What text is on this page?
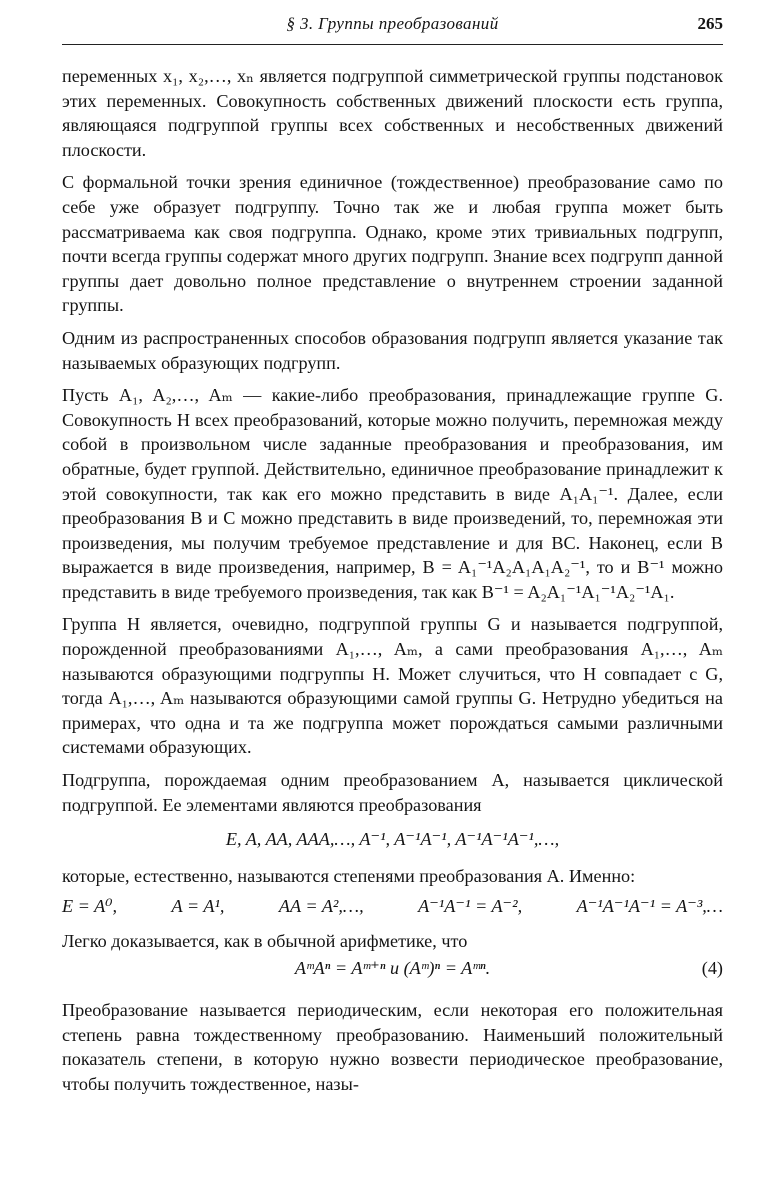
§ 3. Группы преобразований	265

переменных x₁, x₂,…, xₙ является подгруппой симметрической группы подстановок этих переменных. Совокупность собственных движений плоскости есть группа, являющаяся подгруппой группы всех собственных и несобственных движений плоскости.

С формальной точки зрения единичное (тождественное) преобразование само по себе уже образует подгруппу. Точно так же и любая группа может быть рассматриваема как своя подгруппа. Однако, кроме этих тривиальных подгрупп, почти всегда группы содержат много других подгрупп. Знание всех подгрупп данной группы дает довольно полное представление о внутреннем строении заданной группы.

Одним из распространенных способов образования подгрупп является указание так называемых образующих подгрупп.

Пусть A₁, A₂,…, Aₘ — какие-либо преобразования, принадлежащие группе G. Совокупность H всех преобразований, которые можно получить, перемножая между собой в произвольном числе заданные преобразования и преобразования, им обратные, будет группой. Действительно, единичное преобразование принадлежит к этой совокупности, так как его можно представить в виде A₁A₁⁻¹. Далее, если преобразования B и C можно представить в виде произведений, то, перемножая эти произведения, мы получим требуемое представление и для BC. Наконец, если B выражается в виде произведения, например, B = A₁⁻¹A₂A₁A₁A₂⁻¹, то и B⁻¹ можно представить в виде требуемого произведения, так как B⁻¹ = A₂A₁⁻¹A₁⁻¹A₂⁻¹A₁.

Группа H является, очевидно, подгруппой группы G и называется подгруппой, порожденной преобразованиями A₁,…, Aₘ, а сами преобразования A₁,…, Aₘ называются образующими подгруппы H. Может случиться, что H совпадает с G, тогда A₁,…, Aₘ называются образующими самой группы G. Нетрудно убедиться на примерах, что одна и та же подгруппа может порождаться самыми различными системами образующих.

Подгруппа, порождаемая одним преобразованием A, называется циклической подгруппой. Ее элементами являются преобразования

E, A, AA, AAA,…, A⁻¹, A⁻¹A⁻¹, A⁻¹A⁻¹A⁻¹,…,

которые, естественно, называются степенями преобразования A. Именно:

E = A⁰,	A = A¹,	AA = A²,…,	A⁻¹A⁻¹ = A⁻²,	A⁻¹A⁻¹A⁻¹ = A⁻³,…

Легко доказывается, как в обычной арифметике, что

AᵐAⁿ = Aᵐ⁺ⁿ и (Aᵐ)ⁿ = Aᵐⁿ.	(4)

Преобразование называется периодическим, если некоторая его положительная степень равна тождественному преобразованию. Наименьший положительный показатель степени, в которую нужно возвести периодическое преобразование, чтобы получить тождественное, назы-
